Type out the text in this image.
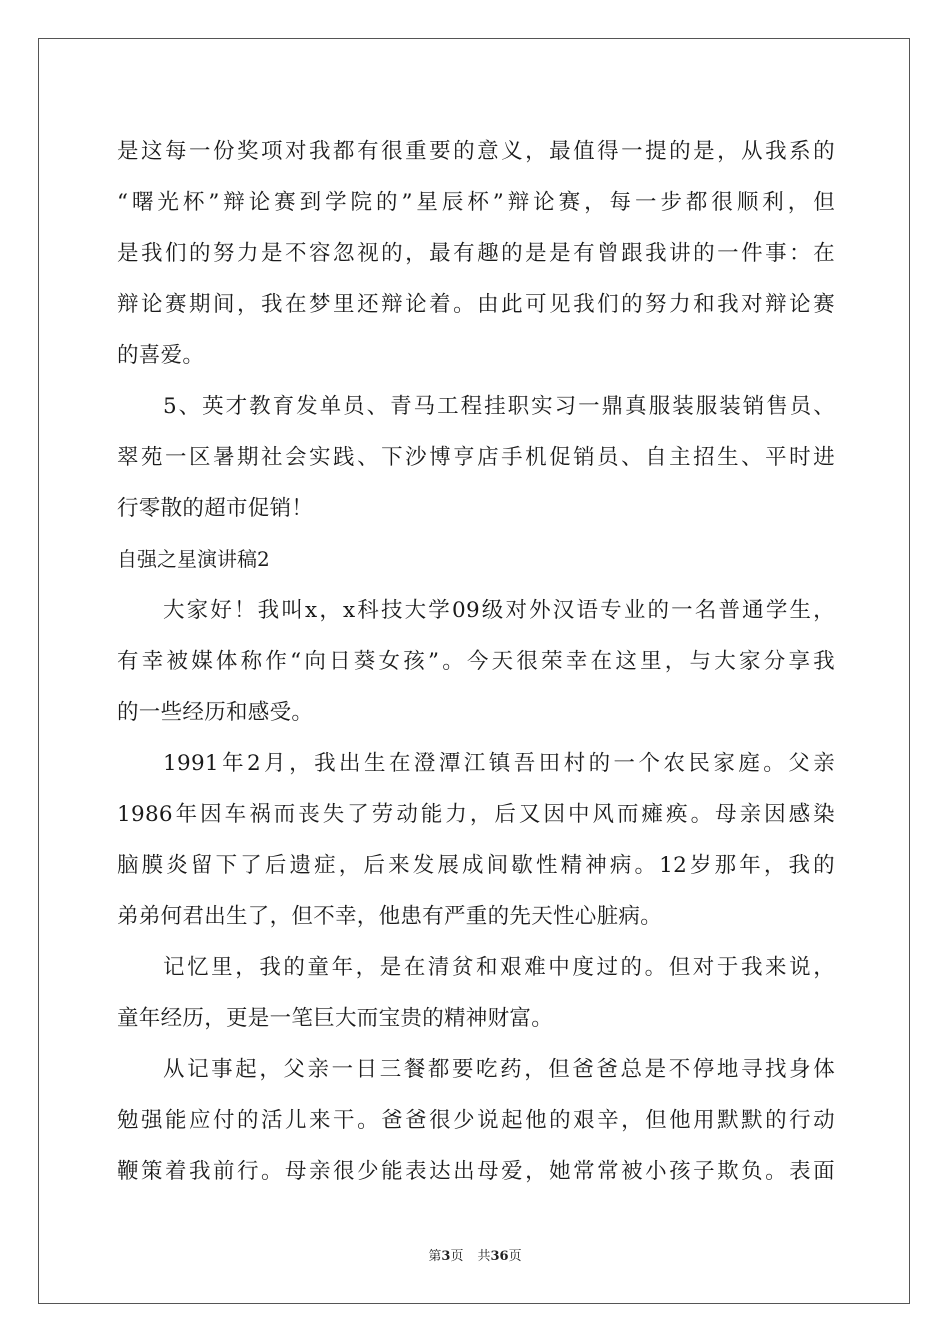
是这每一份奖项对我都有很重要的意义，最值得一提的是，从我系的
“曙光杯”辩论赛到学院的”星辰杯”辩论赛，每一步都很顺利，但
是我们的努力是不容忽视的，最有趣的是是有曾跟我讲的一件事：在
辩论赛期间，我在梦里还辩论着。由此可见我们的努力和我对辩论赛
的喜爱。
5、英才教育发单员、青马工程挂职实习一鼎真服装服装销售员、
翠苑一区暑期社会实践、下沙博亨店手机促销员、自主招生、平时进
行零散的超市促销！
自强之星演讲稿2
大家好！我叫x，x科技大学09级对外汉语专业的一名普通学生，
有幸被媒体称作“向日葵女孩”。今天很荣幸在这里，与大家分享我
的一些经历和感受。
1991年2月，我出生在澄潭江镇吾田村的一个农民家庭。父亲
1986年因车祸而丧失了劳动能力，后又因中风而瘫痪。母亲因感染
脑膜炎留下了后遗症，后来发展成间歇性精神病。12岁那年，我的
弟弟何君出生了，但不幸，他患有严重的先天性心脏病。
记忆里，我的童年，是在清贫和艰难中度过的。但对于我来说，
童年经历，更是一笔巨大而宝贵的精神财富。
从记事起，父亲一日三餐都要吃药，但爸爸总是不停地寻找身体
勉强能应付的活儿来干。爸爸很少说起他的艰辛，但他用默默的行动
鞭策着我前行。母亲很少能表达出母爱，她常常被小孩子欺负。表面
第3页 共36页
